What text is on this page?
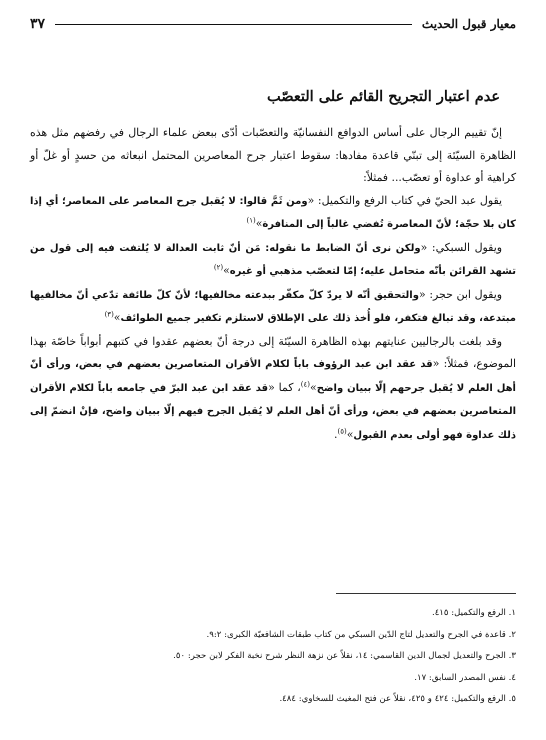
معيار قبول الحديث
٣٧
عدم اعتبار التجريح القائم على التعصّب

إنّ تقييم الرجال على أساس الدوافع النفسانيّة والتعصّبات أدّى ببعض علماء الرجال في رفضهم مثل هذه الظاهرة السيّئة إلى تبنّي قاعدة مفادها: سقوط اعتبار جرح المعاصرين المحتمل انبعاثه من حسدٍ أو غلّ أو كراهية أو عداوة أو تعصّب... فمثلاً:

يقول عبد الحيّ في كتاب الرفع والتكميل: «ومن ثَمَّ قالوا: لا يُقبل جرح المعاصر على المعاصر؛ أي إذا كان بلا حجّة؛ لأنّ المعاصرة تُفضي غالباً إلى المنافرة»$^{(١)}$

ويقول السبكي: «ولكن نرى أنّ الضابط ما نقوله: مَن أنّ ثابت العدالة لا يُلتفت فيه إلى قول من تشهد القرائن بأنّه متحامل عليه؛ إمّا لتعصّب مذهبي أو غيره»$^{(٢)}$

ويقول ابن حجر: «والتحقيق أنّه لا يردّ كلّ مكفّر ببدعته مخالفيها؛ لأنّ كلّ طائفة تدّعي أنّ مخالفيها مبتدعة، وقد تبالغ فتكفر، فلو أُخذ ذلك على الإطلاق لاستلزم تكفير جميع الطوائف»$^{(٣)}$

وقد بلغت بالرجاليين عنايتهم بهذه الظاهرة السيّئة إلى درجة أنّ بعضهم عقدوا في كتبهم أبواباً خاصّة بهذا الموضوع، فمثلاً: «قد عقد ابن عبد الرؤوف باباً لكلام الأقران المتعاصرين بعضهم في بعض، ورأى أنّ أهل العلم لا يُقبل جرحهم إلّا ببيان واضح»$^{(٤)}$، كما «قد عقد ابن عبد البرّ في جامعه باباً لكلام الأقران المتعاصرين بعضهم في بعض، ورأى أنّ أهل العلم لا يُقبل الجرح فيهم إلّا ببيان واضح، فإنْ انضمّ إلى ذلك عداوة فهو أولى بعدم القبول»$^{(٥)}$.

١. الرفع والتكميل: ٤١٥.
٢. قاعدة في الجرح والتعديل لتاج الدّين السبكي من كتاب طبقات الشافعيّة الكبرى: ٩:٢.
٣. الجرح والتعديل لجمال الدين القاسمي: ١٤، نقلاً عن نزهة النظر شرح نخبة الفكر لابن حجر: ٥٠.
٤. نفس المصدر السابق: ١٧.
٥. الرفع والتكميل: ٤٢٤ و ٤٢٥، نقلاً عن فتح المغيث للسخاوي: ٤٨٤.
